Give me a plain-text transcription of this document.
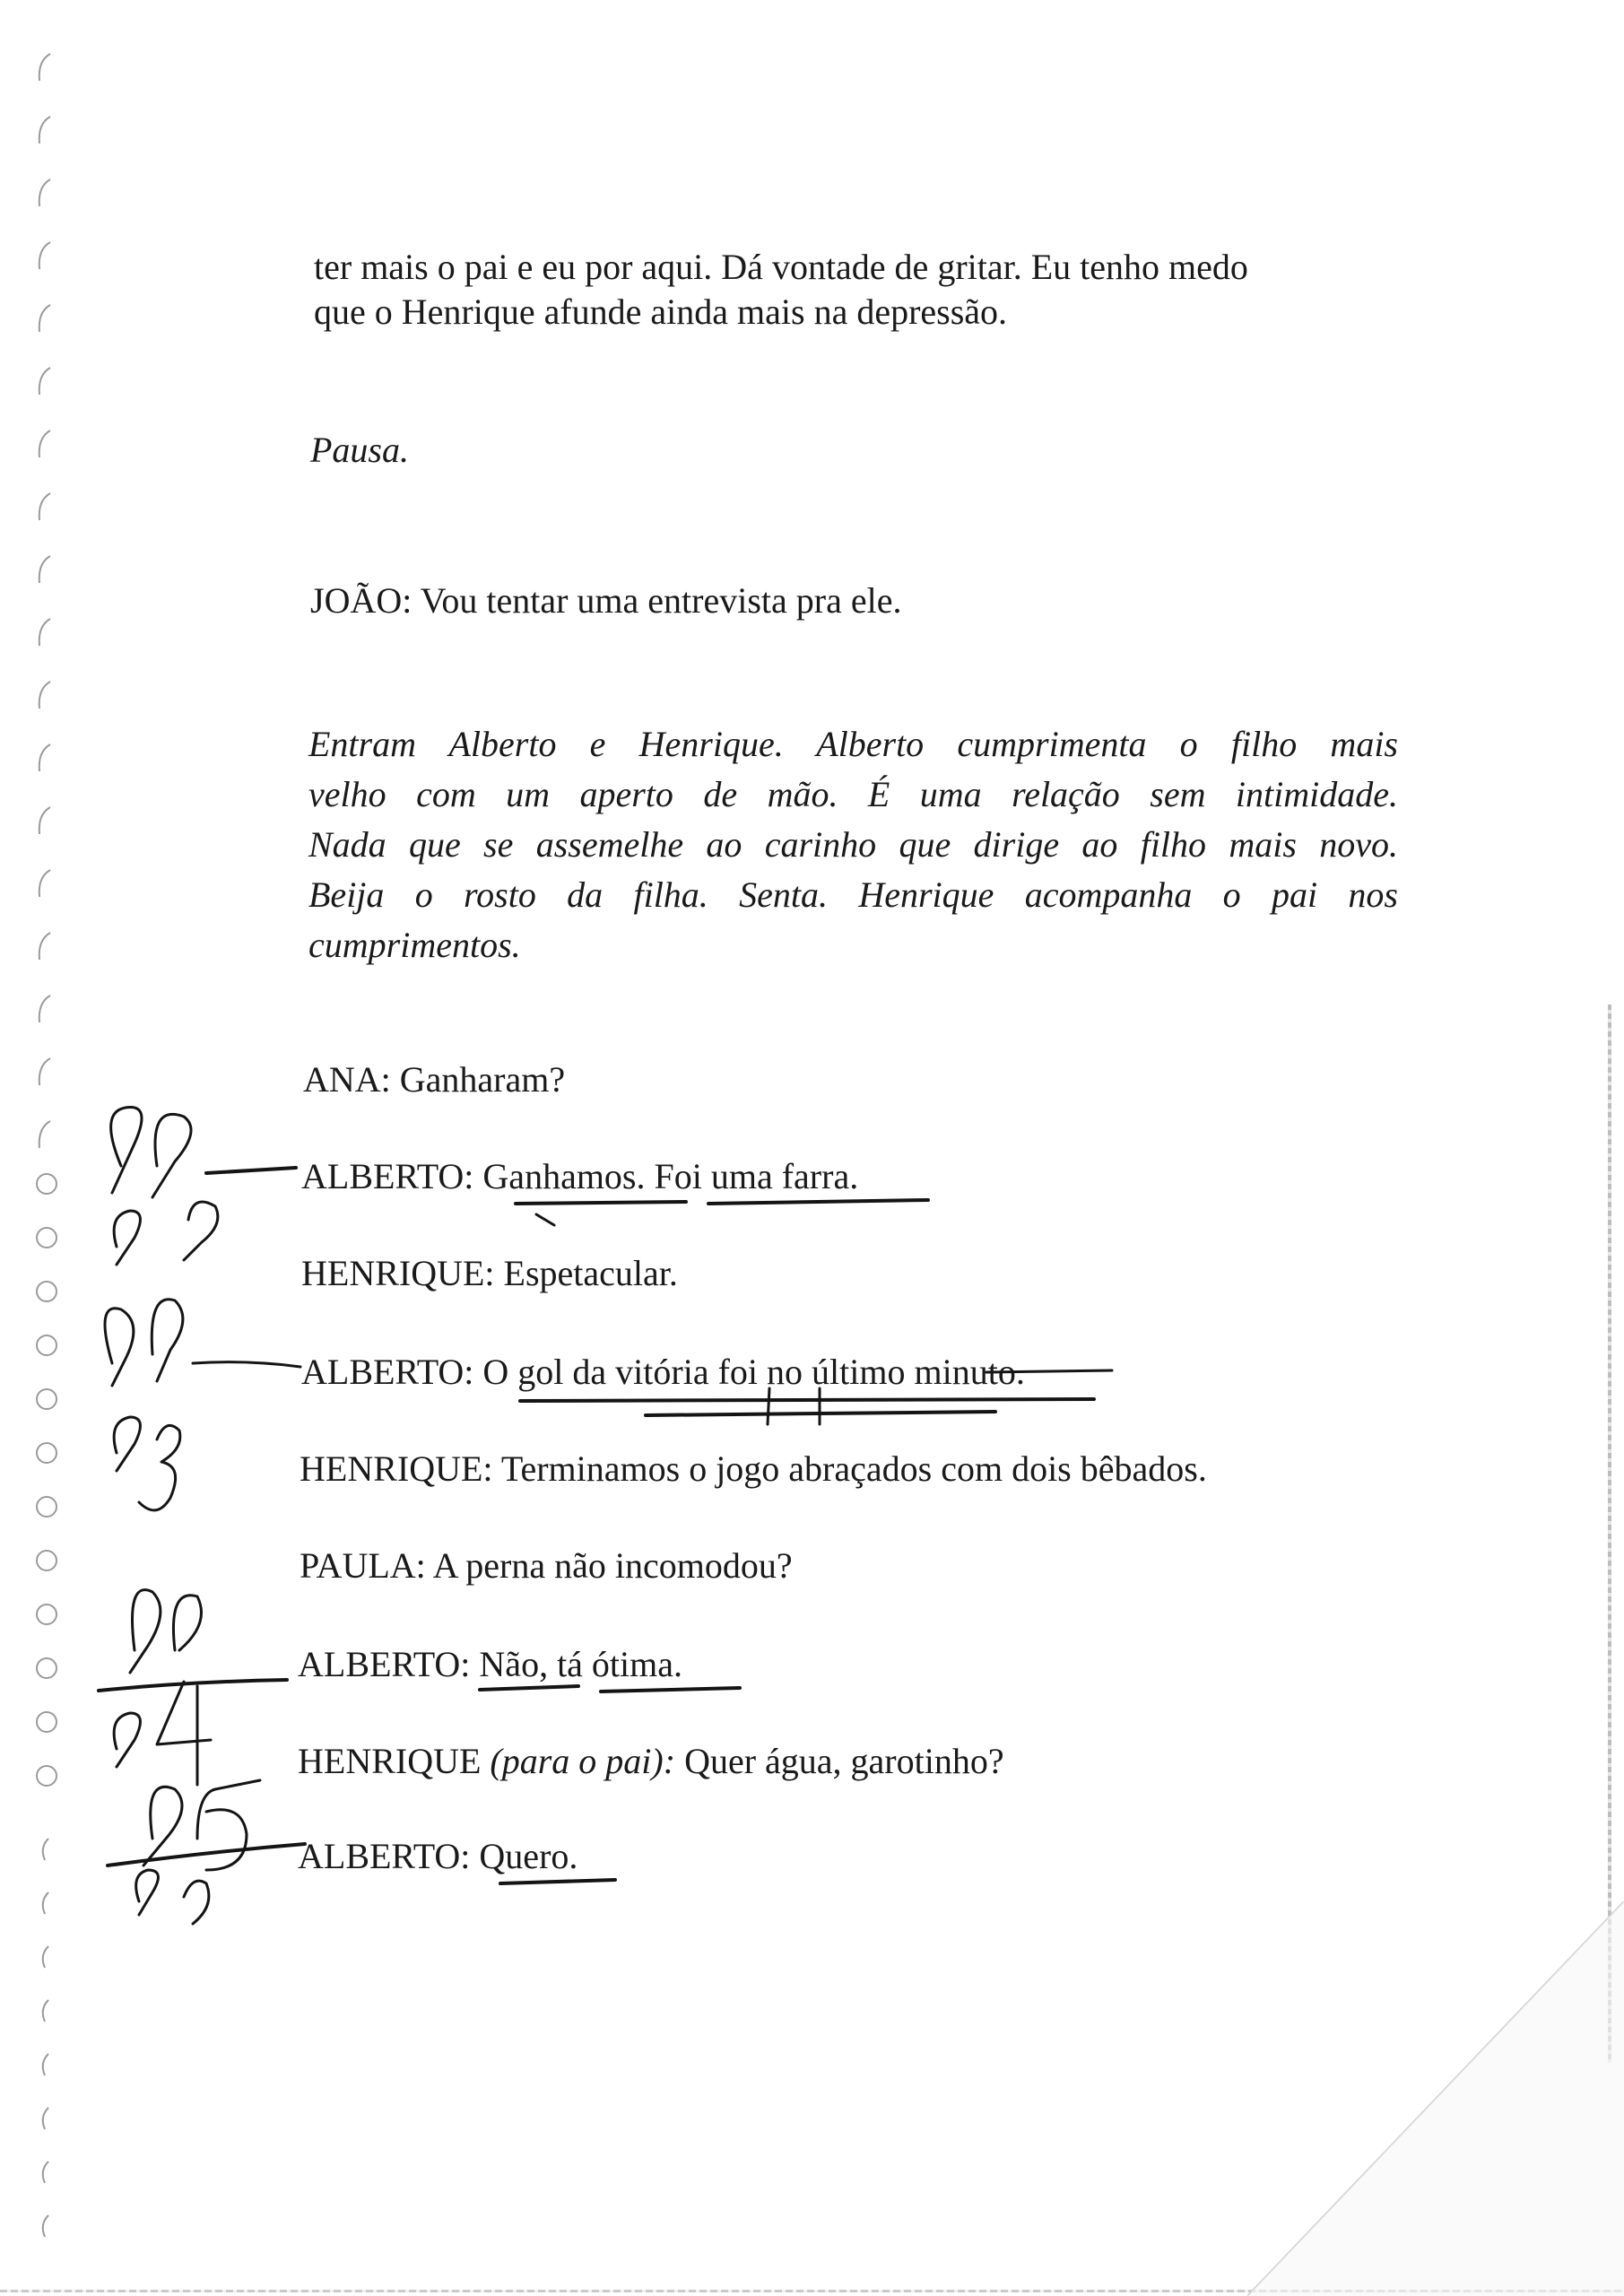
ter mais o pai e eu por aqui. Dá vontade de gritar. Eu tenho medo

que o Henrique afunde ainda mais na depressão.

Pausa.

JOÃO: Vou tentar uma entrevista pra ele.

Entram Alberto e Henrique. Alberto cumprimenta o filho mais
velho com um aperto de mão. É uma relação sem intimidade.
Nada que se assemelhe ao carinho que dirige ao filho mais novo.
Beija o rosto da filha. Senta. Henrique acompanha o pai nos
cumprimentos.

ANA: Ganharam?

ALBERTO: Ganhamos. Foi uma farra.

HENRIQUE: Espetacular.

ALBERTO: O gol da vitória foi no último minuto.

HENRIQUE: Terminamos o jogo abraçados com dois bêbados.

PAULA: A perna não incomodou?

ALBERTO: Não, tá ótima.

HENRIQUE (para o pai): Quer água, garotinho?

ALBERTO: Quero.
